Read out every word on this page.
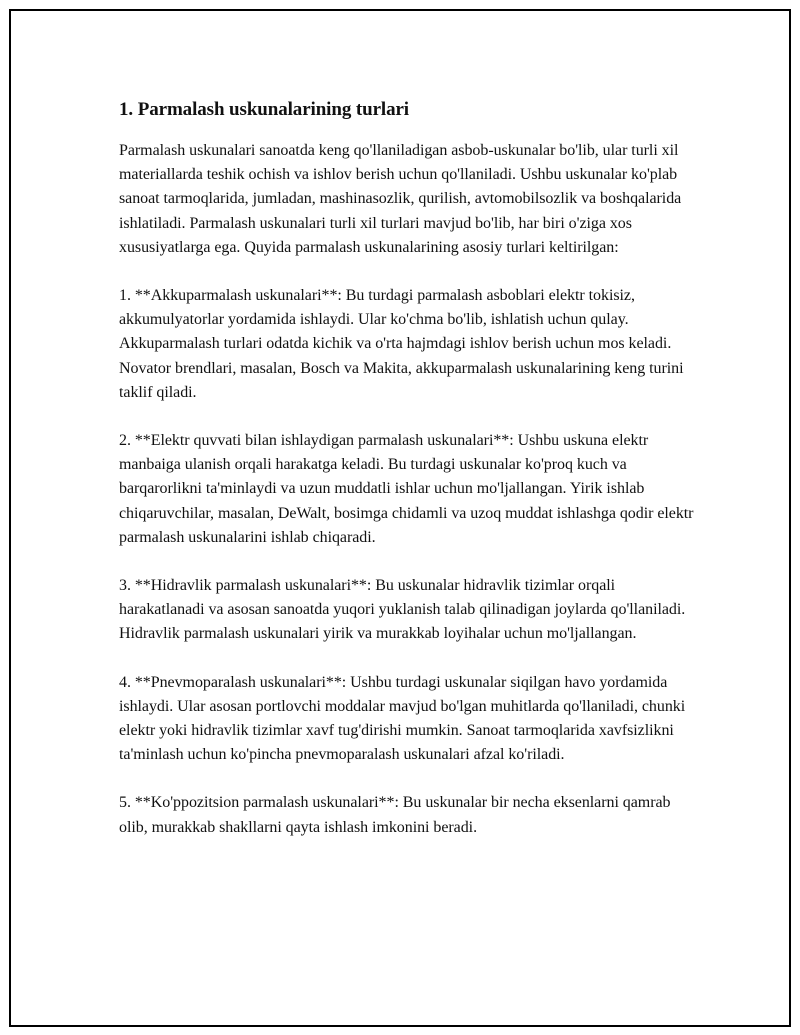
1. Parmalash uskunalarining turlari

Parmalash uskunalari sanoatda keng qo'llaniladigan asbob-uskunalar bo'lib, ular turli xil materiallarda teshik ochish va ishlov berish uchun qo'llaniladi. Ushbu uskunalar ko'plab sanoat tarmoqlarida, jumladan, mashinasozlik, qurilish, avtomobilsozlik va boshqalarida ishlatiladi. Parmalash uskunalari turli xil turlari mavjud bo'lib, har biri o'ziga xos xususiyatlarga ega. Quyida parmalash uskunalarining asosiy turlari keltirilgan:

1. **Akkuparmalash uskunalari**: Bu turdagi parmalash asboblari elektr tokisiz, akkumulyatorlar yordamida ishlaydi. Ular ko'chma bo'lib, ishlatish uchun qulay. Akkuparmalash turlari odatda kichik va o'rta hajmdagi ishlov berish uchun mos keladi. Novator brendlari, masalan, Bosch va Makita, akkuparmalash uskunalarining keng turini taklif qiladi.

2. **Elektr quvvati bilan ishlaydigan parmalash uskunalari**: Ushbu uskuna elektr manbaiga ulanish orqali harakatga keladi. Bu turdagi uskunalar ko'proq kuch va barqarorlikni ta'minlaydi va uzun muddatli ishlar uchun mo'ljallangan. Yirik ishlab chiqaruvchilar, masalan, DeWalt, bosimga chidamli va uzoq muddat ishlashga qodir elektr parmalash uskunalarini ishlab chiqaradi.

3. **Hidravlik parmalash uskunalari**: Bu uskunalar hidravlik tizimlar orqali harakatlanadi va asosan sanoatda yuqori yuklanish talab qilinadigan joylarda qo'llaniladi. Hidravlik parmalash uskunalari yirik va murakkab loyihalar uchun mo'ljallangan.

4. **Pnevmoparalash uskunalari**: Ushbu turdagi uskunalar siqilgan havo yordamida ishlaydi. Ular asosan portlovchi moddalar mavjud bo'lgan muhitlarda qo'llaniladi, chunki elektr yoki hidravlik tizimlar xavf tug'dirishi mumkin. Sanoat tarmoqlarida xavfsizlikni ta'minlash uchun ko'pincha pnevmoparalash uskunalari afzal ko'riladi.

5. **Ko'ppozitsion parmalash uskunalari**: Bu uskunalar bir necha eksenlarni qamrab olib, murakkab shakllarni qayta ishlash imkonini beradi.
